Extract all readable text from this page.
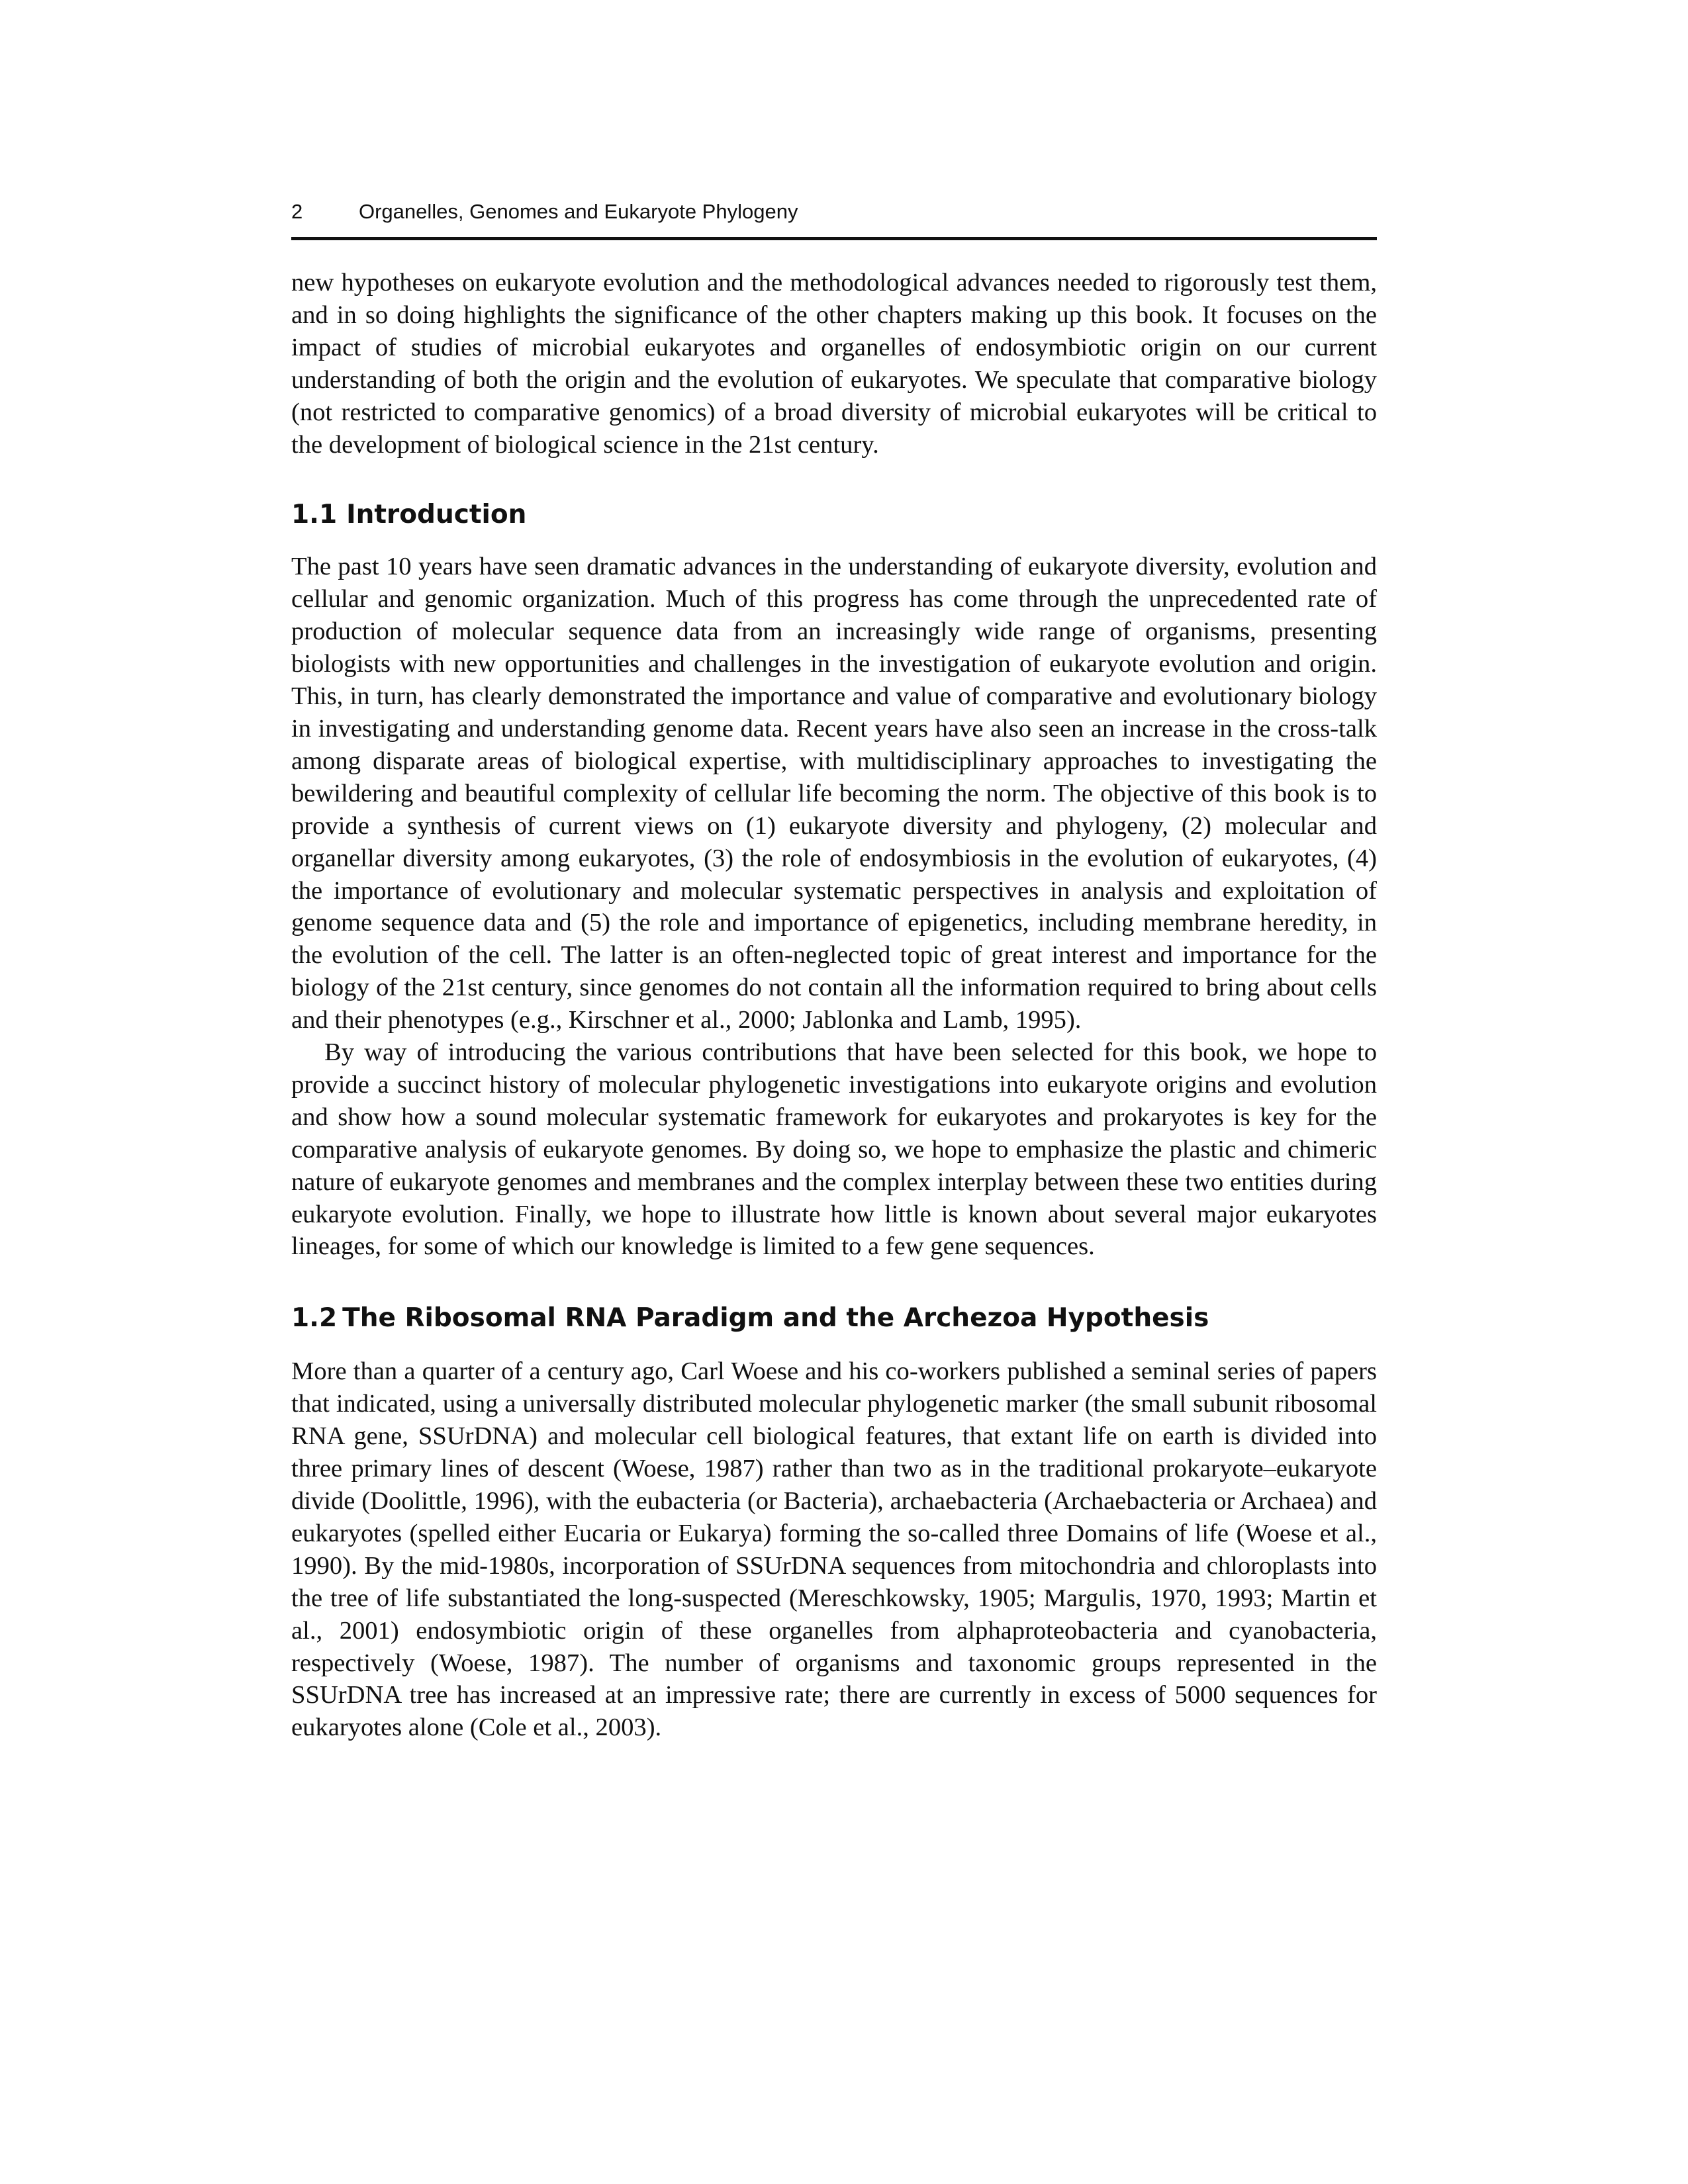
2	Organelles, Genomes and Eukaryote Phylogeny

new hypotheses on eukaryote evolution and the methodological advances needed to rigorously test them, and in so doing highlights the significance of the other chapters making up this book. It focuses on the impact of studies of microbial eukaryotes and organelles of endosymbiotic origin on our current understanding of both the origin and the evolution of eukaryotes. We speculate that comparative biology (not restricted to comparative genomics) of a broad diversity of microbial eukaryotes will be critical to the development of biological science in the 21st century.

1.1 Introduction

The past 10 years have seen dramatic advances in the understanding of eukaryote diversity, evolution and cellular and genomic organization. Much of this progress has come through the unprecedented rate of production of molecular sequence data from an increasingly wide range of organisms, presenting biologists with new opportunities and challenges in the investigation of eukaryote evolution and origin. This, in turn, has clearly demonstrated the importance and value of comparative and evolutionary biology in investigating and understanding genome data. Recent years have also seen an increase in the cross-talk among disparate areas of biological expertise, with multidisciplinary approaches to investigating the bewildering and beautiful complexity of cellular life becoming the norm. The objective of this book is to provide a synthesis of current views on (1) eukaryote diversity and phylogeny, (2) molecular and organellar diversity among eukaryotes, (3) the role of endosymbiosis in the evolution of eukaryotes, (4) the importance of evolutionary and molecular systematic perspectives in analysis and exploitation of genome sequence data and (5) the role and importance of epigenetics, including membrane heredity, in the evolution of the cell. The latter is an often-neglected topic of great interest and importance for the biology of the 21st century, since genomes do not contain all the information required to bring about cells and their phenotypes (e.g., Kirschner et al., 2000; Jablonka and Lamb, 1995).

By way of introducing the various contributions that have been selected for this book, we hope to provide a succinct history of molecular phylogenetic investigations into eukaryote origins and evolution and show how a sound molecular systematic framework for eukaryotes and prokaryotes is key for the comparative analysis of eukaryote genomes. By doing so, we hope to emphasize the plastic and chimeric nature of eukaryote genomes and membranes and the complex interplay between these two entities during eukaryote evolution. Finally, we hope to illustrate how little is known about several major eukaryotes lineages, for some of which our knowledge is limited to a few gene sequences.

1.2 The Ribosomal RNA Paradigm and the Archezoa Hypothesis

More than a quarter of a century ago, Carl Woese and his co-workers published a seminal series of papers that indicated, using a universally distributed molecular phylogenetic marker (the small subunit ribosomal RNA gene, SSUrDNA) and molecular cell biological features, that extant life on earth is divided into three primary lines of descent (Woese, 1987) rather than two as in the traditional prokaryote–eukaryote divide (Doolittle, 1996), with the eubacteria (or Bacteria), archaebacteria (Archaebacteria or Archaea) and eukaryotes (spelled either Eucaria or Eukarya) forming the so-called three Domains of life (Woese et al., 1990). By the mid-1980s, incorporation of SSUrDNA sequences from mitochondria and chloroplasts into the tree of life substantiated the long-suspected (Mereschkowsky, 1905; Margulis, 1970, 1993; Martin et al., 2001) endosymbiotic origin of these organelles from alphaproteobacteria and cyanobacteria, respectively (Woese, 1987). The number of organisms and taxonomic groups represented in the SSUrDNA tree has increased at an impressive rate; there are currently in excess of 5000 sequences for eukaryotes alone (Cole et al., 2003).
